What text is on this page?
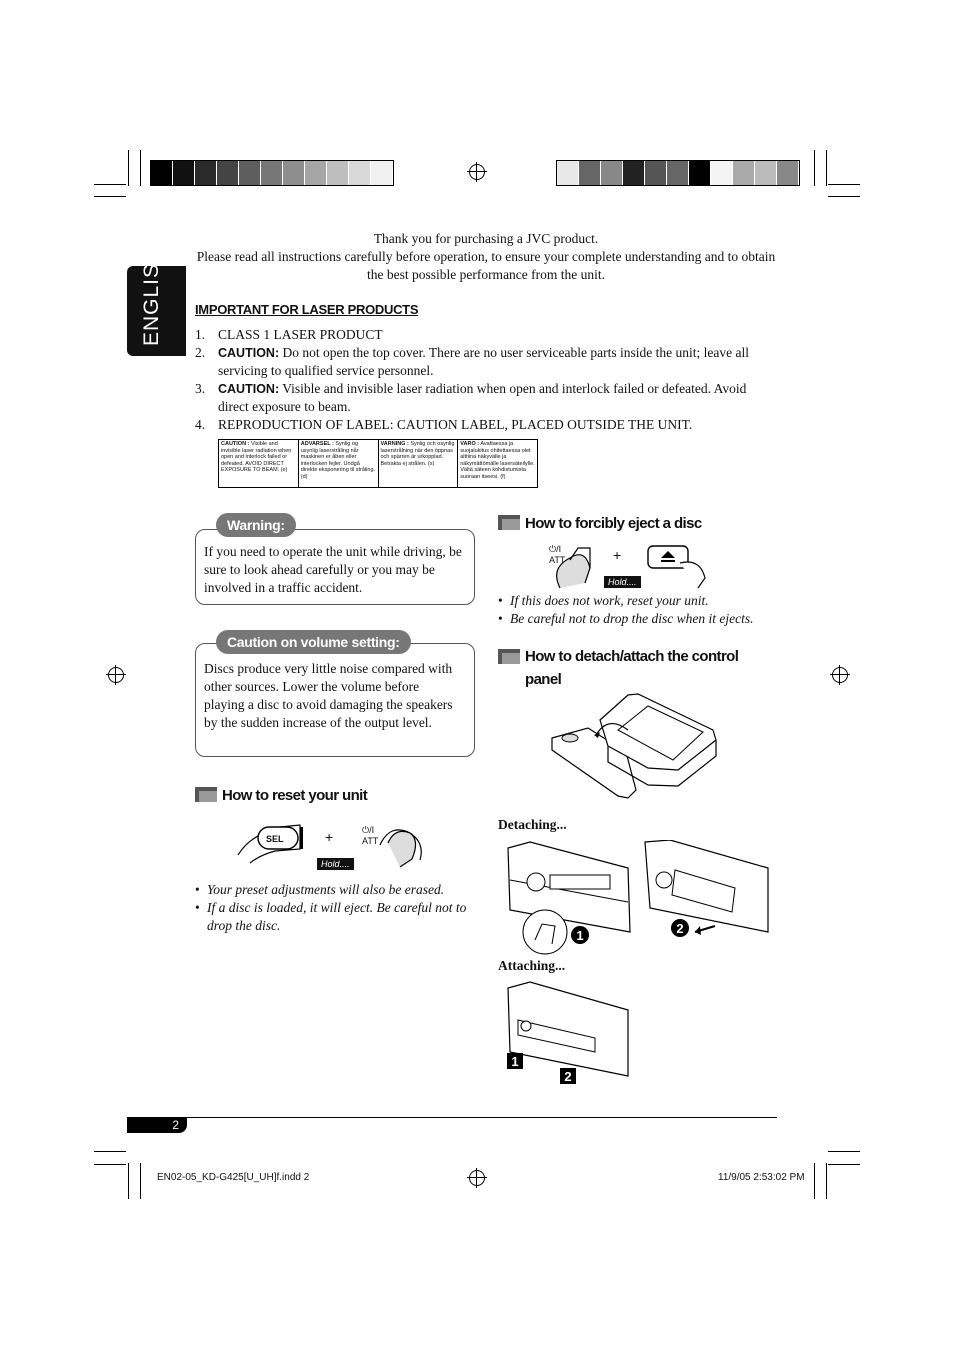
Thank you for purchasing a JVC product.
Please read all instructions carefully before operation, to ensure your complete understanding and to obtain the best possible performance from the unit.
ENGLISH IMPORTANT FOR LASER PRODUCTS
1. CLASS 1 LASER PRODUCT
2. CAUTION: Do not open the top cover. There are no user serviceable parts inside the unit; leave all servicing to qualified service personnel.
3. CAUTION: Visible and invisible laser radiation when open and interlock failed or defeated. Avoid direct exposure to beam.
4. REPRODUCTION OF LABEL: CAUTION LABEL, PLACED OUTSIDE THE UNIT.
CAUTION : Visible and invisible laser radiation when open and interlock failed or defeated. AVOID DIRECT EXPOSURE TO BEAM. (e)
ADVARSEL : Synlig og usynlig laserstråling når maskinen er åben eller interlocken fejler. Undgå direkte eksponering til stråling. (d)
VARNING : Synlig och osynlig laserstrålning när den öppnas och spärren är urkopplad. Betrakta ej strålen. (s)
VARO : Avattaessa ja suojalukitus ohitettaessa olet alttiina näkyvälle ja näkymättömälle lasersäteilylle. Vältä säteen kohdistumista suoraan itseesi. (f)
Warning:
If you need to operate the unit while driving, be sure to look ahead carefully or you may be involved in a traffic accident.
Caution on volume setting:
Discs produce very little noise compared with other sources. Lower the volume before playing a disc to avoid damaging the speakers by the sudden increase of the output level.
How to reset your unit
SEL	+	⏻/I
ATT
Hold....
• Your preset adjustments will also be erased.
• If a disc is loaded, it will eject. Be careful not to drop the disc.
How to forcibly eject a disc
⏻/I
ATT	+
Hold....
• If this does not work, reset your unit.
• Be careful not to drop the disc when it ejects.
How to detach/attach the control panel
Detaching...
1	2
Attaching...
1
2
2
EN02-05_KD-G425[U_UH]f.indd 2	11/9/05 2:53:02 PM
